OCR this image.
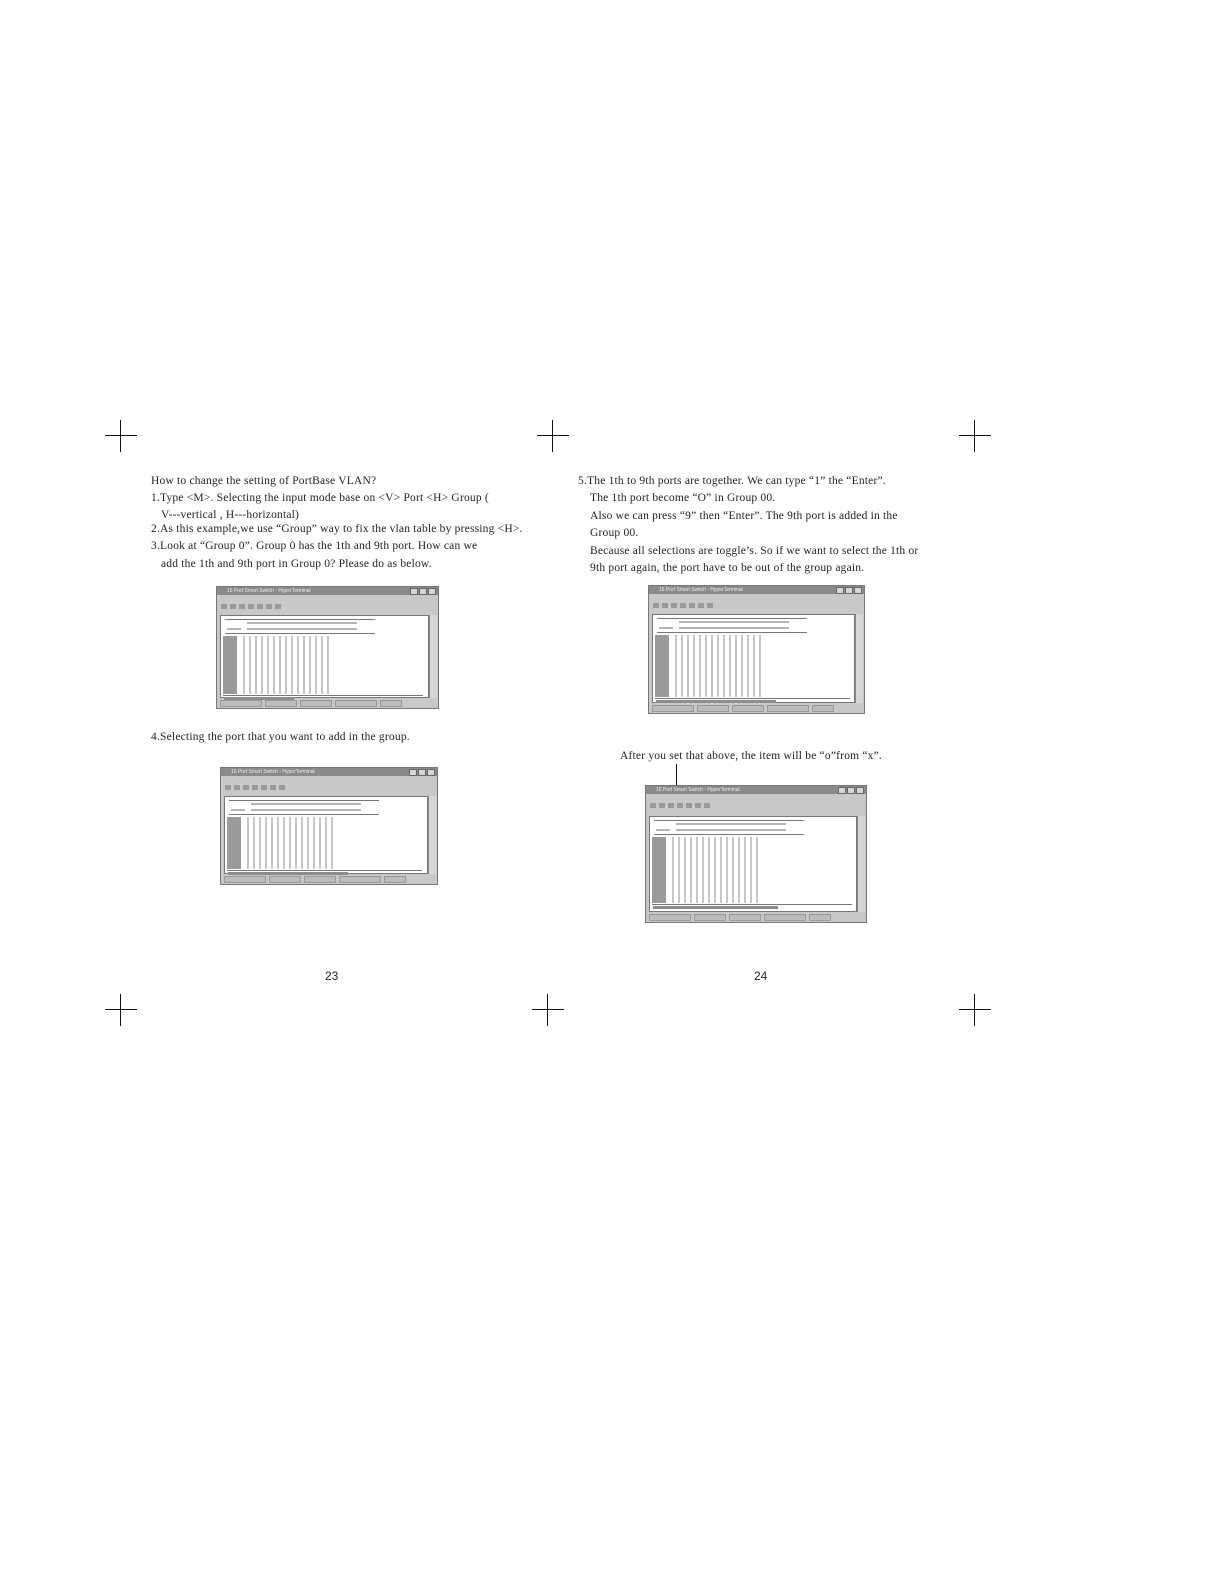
How to change the setting of PortBase VLAN?
1.Type <M>. Selecting the input mode base on <V> Port <H> Group (
V---vertical , H---horizontal)
2.As this example,we use “Group” way to fix the vlan table by pressing <H>.
3.Look at “Group 0”. Group 0 has the 1th and 9th port. How can we
add the 1th and 9th port in Group 0? Please do as below.
4.Selecting the port that you want to add in the group.
23
5.The 1th to 9th ports are together. We can type “1” the “Enter”.
The 1th port become “O” in Group 00.
Also we can press “9” then “Enter”. The 9th port is added in the
Group 00.
Because all selections are toggle’s. So if we want to select the 1th or
9th port again, the port have to be out of the group again.
After you set that above, the item will be “o”from “x”.
24
16 Port Smart Switch - HyperTerminal
16 Port Smart Switch - HyperTerminal
16 Port Smart Switch - HyperTerminal
16 Port Smart Switch - HyperTerminal
